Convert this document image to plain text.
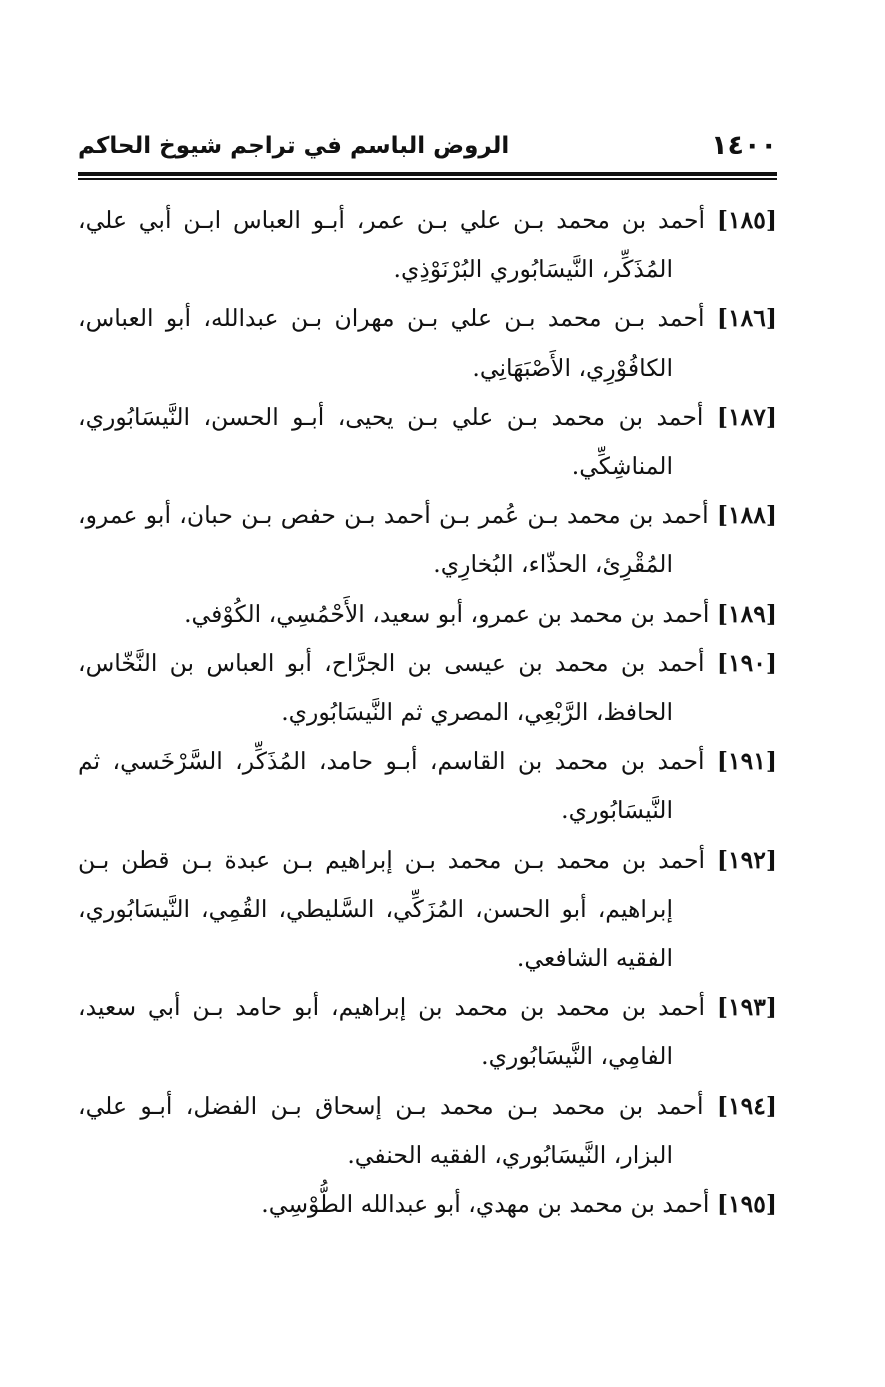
١٤٠٠
الروض الباسم في تراجم شيوخ الحاكم
[١٨٥] أحمد بن محمد بـن علي بـن عمر، أبـو العباس ابـن أبي علي، المُذَكِّر، النَّيسَابُوري البُرْنَوْذِي.
[١٨٦] أحمد بـن محمد بـن علي بـن مهران بـن عبدالله، أبو العباس، الكافُوْرِي، الأَصْبَهَانِي.
[١٨٧] أحمد بن محمد بـن علي بـن يحيى، أبـو الحسن، النَّيسَابُوري، المناشِكِّي.
[١٨٨] أحمد بن محمد بـن عُمر بـن أحمد بـن حفص بـن حبان، أبو عمرو، المُقْرِئ، الحذّاء، البُخارِي.
[١٨٩] أحمد بن محمد بن عمرو، أبو سعيد، الأَحْمُسِي، الكُوْفي.
[١٩٠] أحمد بن محمد بن عيسى بن الجرَّاح، أبو العباس بن النَّخّاس، الحافظ، الرَّبْعِي، المصري ثم النَّيسَابُوري.
[١٩١] أحمد بن محمد بن القاسم، أبـو حامد، المُذَكِّر، السَّرْخَسي، ثم النَّيسَابُوري.
[١٩٢] أحمد بن محمد بـن محمد بـن إبراهيم بـن عبدة بـن قطن بـن إبراهيم، أبو الحسن، المُزَكِّي، السَّليطي، القُمِي، النَّيسَابُوري، الفقيه الشافعي.
[١٩٣] أحمد بن محمد بن محمد بن إبراهيم، أبو حامد بـن أبي سعيد، الفامِي، النَّيسَابُوري.
[١٩٤] أحمد بن محمد بـن محمد بـن إسحاق بـن الفضل، أبـو علي، البزار، النَّيسَابُوري، الفقيه الحنفي.
[١٩٥] أحمد بن محمد بن مهدي، أبو عبدالله الطُّوْسِي.
